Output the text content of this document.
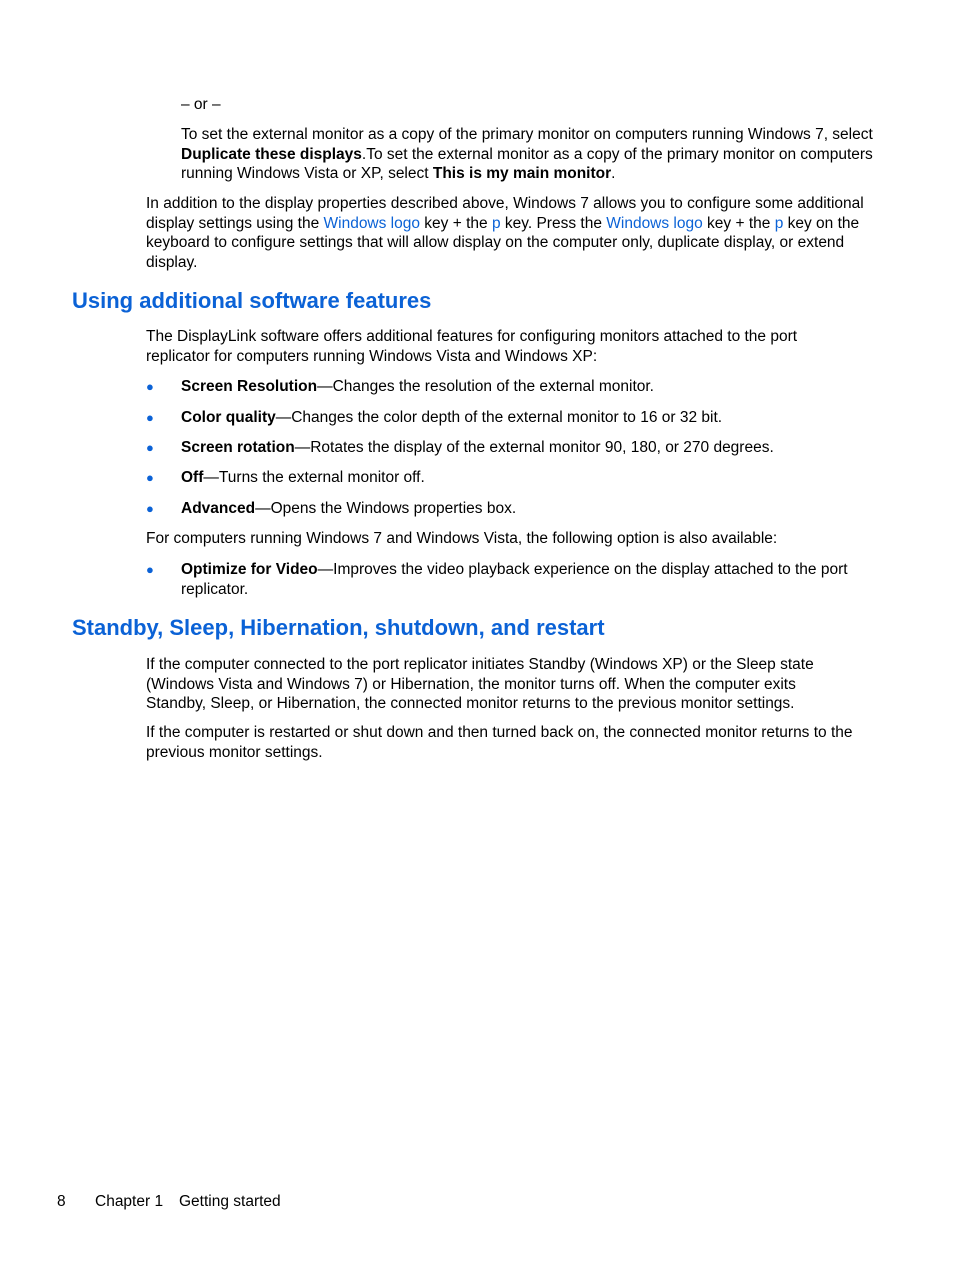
– or –

To set the external monitor as a copy of the primary monitor on computers running Windows 7, select Duplicate these displays.To set the external monitor as a copy of the primary monitor on computers running Windows Vista or XP, select This is my main monitor.

In addition to the display properties described above, Windows 7 allows you to configure some additional display settings using the Windows logo key + the p key. Press the Windows logo key + the p key on the keyboard to configure settings that will allow display on the computer only, duplicate display, or extend display.

Using additional software features

The DisplayLink software offers additional features for configuring monitors attached to the port replicator for computers running Windows Vista and Windows XP:

● Screen Resolution—Changes the resolution of the external monitor.
● Color quality—Changes the color depth of the external monitor to 16 or 32 bit.
● Screen rotation—Rotates the display of the external monitor 90, 180, or 270 degrees.
● Off—Turns the external monitor off.
● Advanced—Opens the Windows properties box.

For computers running Windows 7 and Windows Vista, the following option is also available:

● Optimize for Video—Improves the video playback experience on the display attached to the port replicator.
Standby, Sleep, Hibernation, shutdown, and restart

If the computer connected to the port replicator initiates Standby (Windows XP) or the Sleep state (Windows Vista and Windows 7) or Hibernation, the monitor turns off. When the computer exits Standby, Sleep, or Hibernation, the connected monitor returns to the previous monitor settings.

If the computer is restarted or shut down and then turned back on, the connected monitor returns to the previous monitor settings.

8 Chapter 1 Getting started
